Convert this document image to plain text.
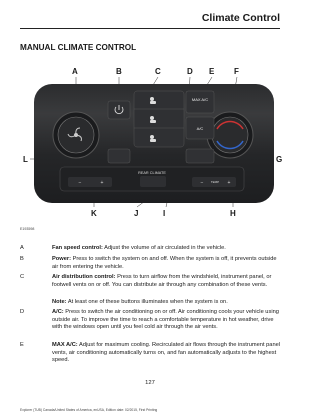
Climate Control
MANUAL CLIMATE CONTROL
A	B	C	D E F
L	G
K	J	I	H
MAX A/C
A/C
REAR CLIMATE
−	+	− TEMP +
E193598
A	Fan speed control: Adjust the volume of air circulated in the vehicle.
B	Power: Press to switch the system on and off. When the system is off, it prevents outside air from entering the vehicle.
C	Air distribution control: Press to turn airflow from the windshield, instrument panel, or footwell vents on or off. You can distribute air through any combination of these vents.
Note: At least one of these buttons illuminates when the system is on.
D	A/C: Press to switch the air conditioning on or off. Air conditioning cools your vehicle using outside air. To improve the time to reach a comfortable temperature in hot weather, drive with the windows open until you feel cold air through the air vents.
E	MAX A/C: Adjust for maximum cooling. Recirculated air flows through the instrument panel vents, air conditioning automatically turns on, and fan automatically adjusts to the highest speed.
127
Explorer (TUB) Canada/United States of America, enUSA, Edition date: 02/2015, First Printing
